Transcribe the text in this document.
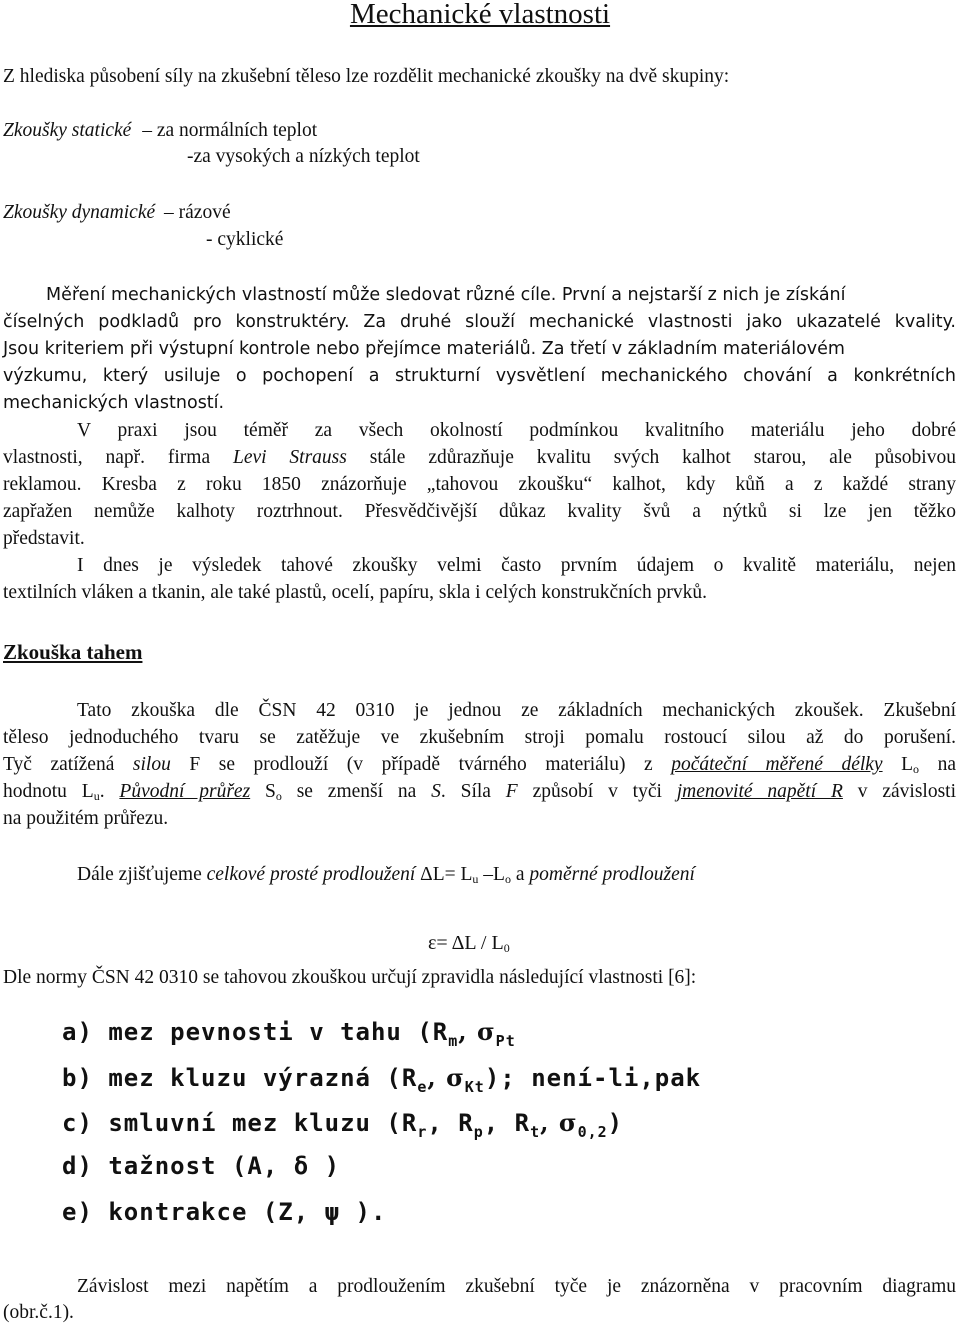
Mechanické vlastnosti
Z hlediska působení síly na zkušební těleso lze rozdělit mechanické zkoušky na dvě skupiny:
Zkoušky statické – za normálních teplot
-za vysokých a nízkých teplot
Zkoušky dynamické – rázové
- cyklické
Měření mechanických vlastností může sledovat různé cíle. První a nejstarší z nich je získání
číselných podkladů pro konstruktéry. Za druhé slouží mechanické vlastnosti jako ukazatelé kvality.
Jsou kriteriem při výstupní kontrole nebo přejímce materiálů. Za třetí v základním materiálovém
výzkumu, který usiluje o pochopení a strukturní vysvětlení mechanického chování a konkrétních
mechanických vlastností.
V praxi jsou téměř za všech okolností podmínkou kvalitního materiálu jeho dobré
vlastnosti, např. firma Levi Strauss stále zdůrazňuje kvalitu svých kalhot starou, ale působivou
reklamou. Kresba z roku 1850 znázorňuje „tahovou zkoušku“ kalhot, kdy kůň a z každé strany
zapřažen nemůže kalhoty roztrhnout. Přesvědčivější důkaz kvality švů a nýtků si lze jen těžko
představit.
I dnes je výsledek tahové zkoušky velmi často prvním údajem o kvalitě materiálu, nejen
textilních vláken a tkanin, ale také plastů, ocelí, papíru, skla i celých konstrukčních prvků.
Zkouška tahem
Tato zkouška dle ČSN 42 0310 je jednou ze základních mechanických zkoušek. Zkušební
těleso jednoduchého tvaru se zatěžuje ve zkušebním stroji pomalu rostoucí silou až do porušení.
Tyč zatížená silou F se prodlouží (v případě tvárného materiálu) z počáteční měřené délky $L_o$ na
hodnotu $L_u$. Původní průřez $S_o$ se zmenší na S. Síla F způsobí v tyči jmenovité napětí R v závislosti
na použitém průřezu.
Dále zjišťujeme celkové prosté prodloužení $\Delta L= L_u$ $-L_o$ a poměrné prodloužení
$\varepsilon= \Delta L / L_0$
Dle normy ČSN 42 0310 se tahovou zkouškou určují zpravidla následující vlastnosti [6]:
a) mez pevnosti v tahu ($R_m$, $\sigma_{Pt}$
b) mez kluzu výrazná ($R_e$, $\sigma_{Kt}$); není-li,pak
c) smluvní mez kluzu ($R_r$, $R_p$, $R_t$, $\sigma_{0,2}$)
d) tažnost (A, δ )
e) kontrakce (Z, ψ ).
Závislost mezi napětím a prodloužením zkušební tyče je znázorněna v pracovním diagramu
(obr.č.1).
